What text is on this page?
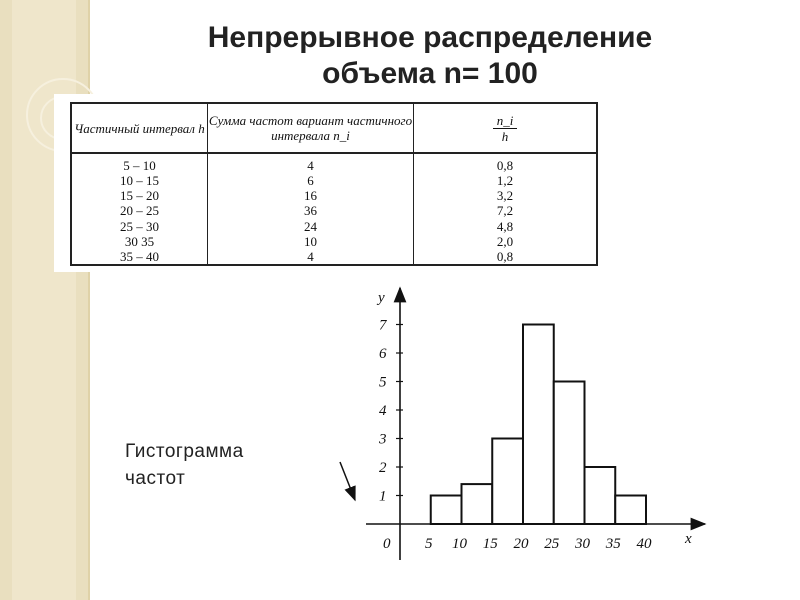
Непрерывное распределение
объема n= 100
Частичный интервал h	Сумма частот вариант частичного интервала n_i	$\frac{n\_i}{h}$

5 – 10	4	0,8
10 – 15	6	1,2
15 – 20	16	3,2
20 – 25	36	7,2
25 – 30	24	4,8
30 35	10	2,0
35 – 40	4	0,8
Гистограмма
частот
1
2
3
4
5
6
7
0 5 10 15 20 25 30 35 40
y
x
